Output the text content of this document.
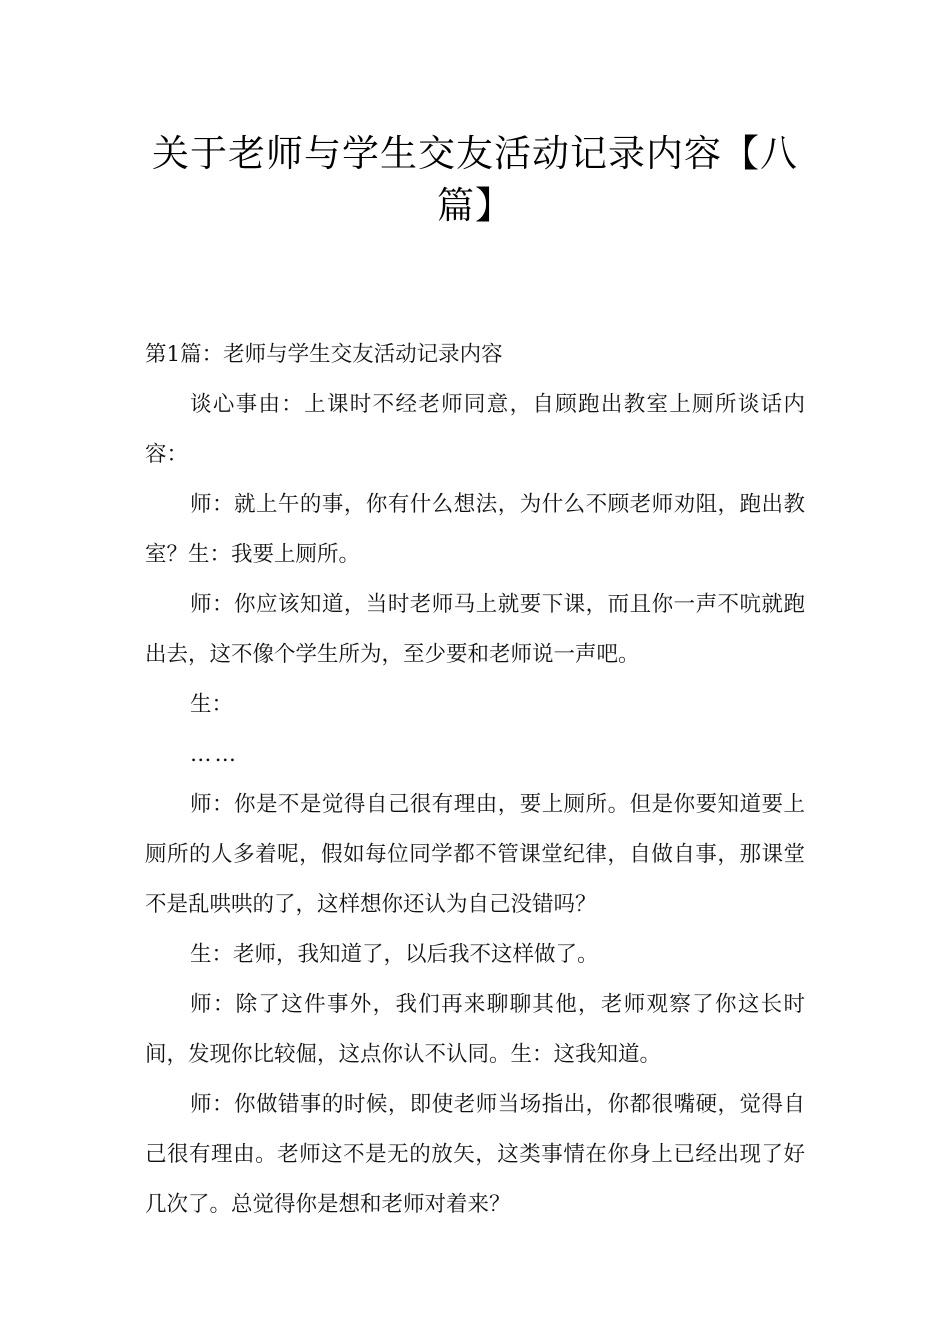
关于老师与学生交友活动记录内容【八篇】

第1篇：老师与学生交友活动记录内容

谈心事由：上课时不经老师同意，自顾跑出教室上厕所谈话内容：

师：就上午的事，你有什么想法，为什么不顾老师劝阻，跑出教室？生：我要上厕所。

师：你应该知道，当时老师马上就要下课，而且你一声不吭就跑出去，这不像个学生所为，至少要和老师说一声吧。

生：

……

师：你是不是觉得自己很有理由，要上厕所。但是你要知道要上厕所的人多着呢，假如每位同学都不管课堂纪律，自做自事，那课堂不是乱哄哄的了，这样想你还认为自己没错吗？

生：老师，我知道了，以后我不这样做了。

师：除了这件事外，我们再来聊聊其他，老师观察了你这长时间，发现你比较倔，这点你认不认同。生：这我知道。

师：你做错事的时候，即使老师当场指出，你都很嘴硬，觉得自己很有理由。老师这不是无的放矢，这类事情在你身上已经出现了好几次了。总觉得你是想和老师对着来？
